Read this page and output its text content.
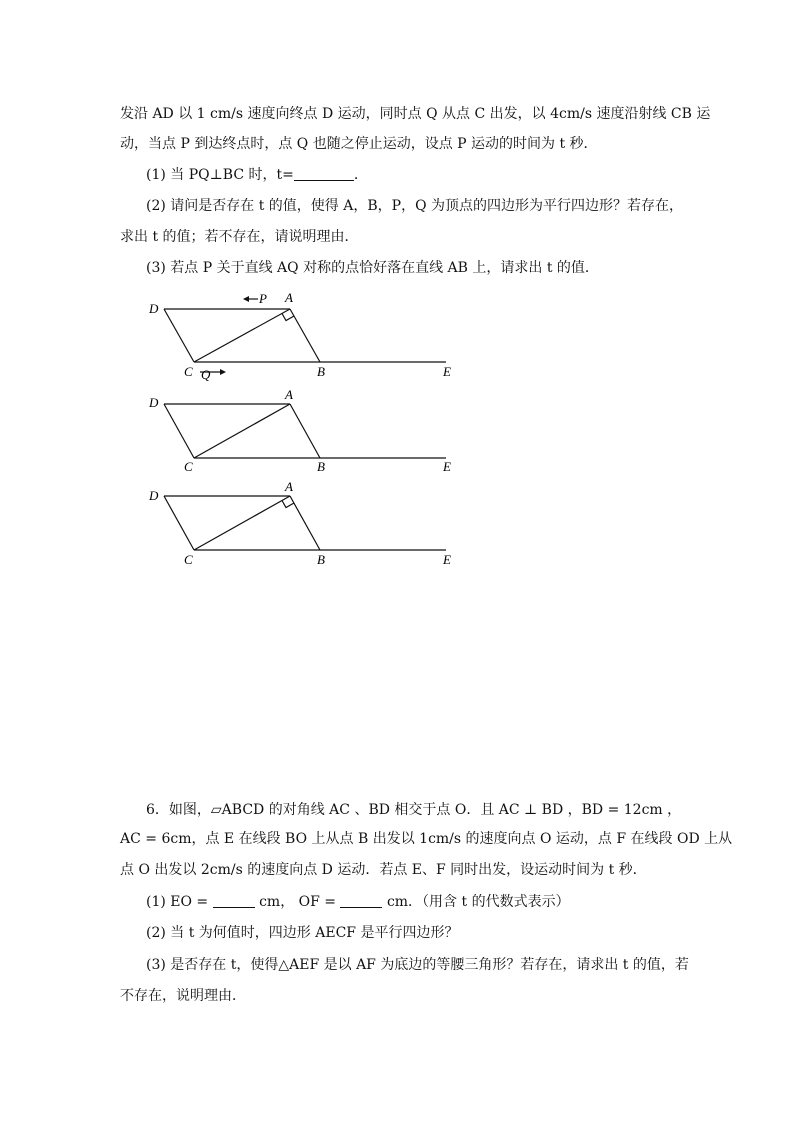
发沿 AD 以 1 cm/s 速度向终点 D 运动，同时点 Q 从点 C 出发，以 4cm/s 速度沿射线 CB 运
动，当点 P 到达终点时，点 Q 也随之停止运动，设点 P 运动的时间为 t 秒．
(1) 当 PQ⊥BC 时，t=	．
(2) 请问是否存在 t 的值，使得 A，B，P，Q 为顶点的四边形为平行四边形？若存在，
求出 t 的值；若不存在，请说明理由．
(3) 若点 P 关于直线 AQ 对称的点恰好落在直线 AB 上，请求出 t 的值．
D
A
P
C Q	B	E
D
A
C	B	E
D
A
C	B	E
6．如图，▱ABCD 的对角线 AC 、BD 相交于点 O．且 AC ⊥ BD ，BD = 12cm ，
AC = 6cm，点 E 在线段 BO 上从点 B 出发以 1cm/s 的速度向点 O 运动，点 F 在线段 OD 上从
点 O 出发以 2cm/s 的速度向点 D 运动．若点 E、F 同时出发，设运动时间为 t 秒．
(1) EO =	cm， OF =	cm．（用含 t 的代数式表示）
(2) 当 t 为何值时，四边形 AECF 是平行四边形？
(3) 是否存在 t，使得△AEF 是以 AF 为底边的等腰三角形？若存在，请求出 t 的值，若
不存在，说明理由．
